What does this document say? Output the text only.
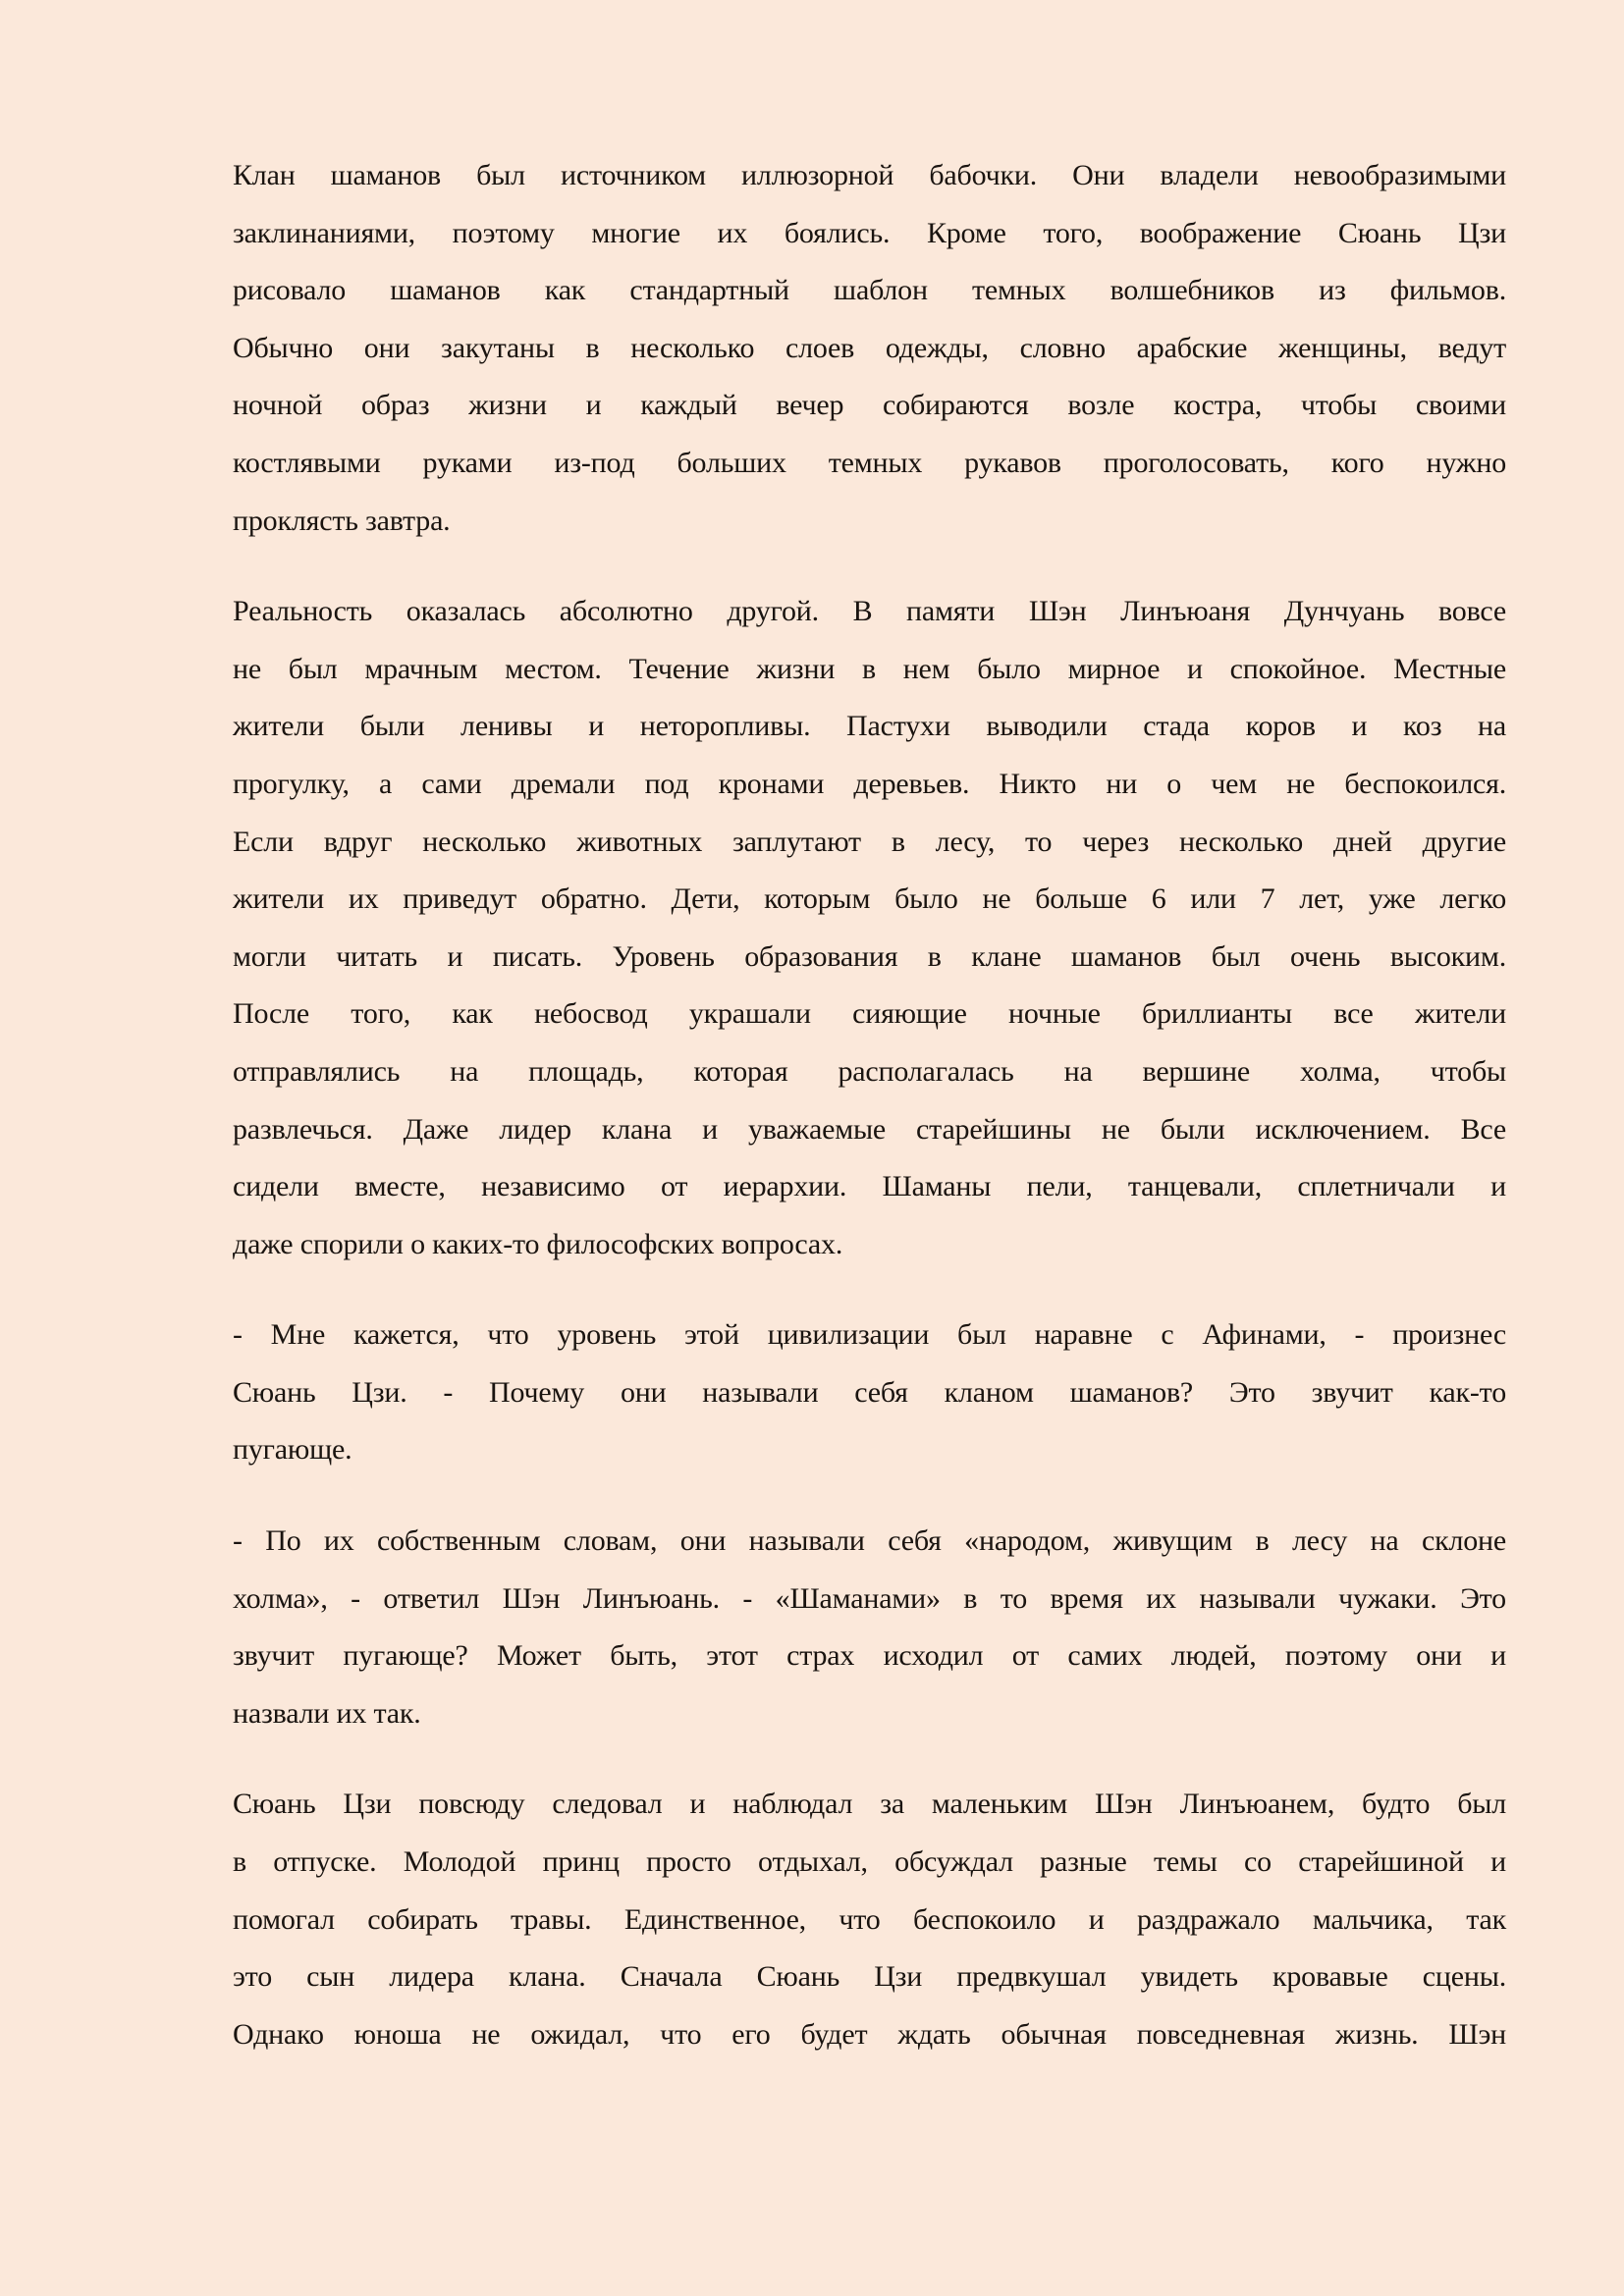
Клан шаманов был источником иллюзорной бабочки. Они владели невообразимыми
заклинаниями, поэтому многие их боялись. Кроме того, воображение Сюань Цзи
рисовало шаманов как стандартный шаблон темных волшебников из фильмов.
Обычно они закутаны в несколько слоев одежды, словно арабские женщины, ведут
ночной образ жизни и каждый вечер собираются возле костра, чтобы своими
костлявыми руками из-под больших темных рукавов проголосовать, кого нужно
проклясть завтра.
Реальность оказалась абсолютно другой. В памяти Шэн Линъюаня Дунчуань вовсе
не был мрачным местом. Течение жизни в нем было мирное и спокойное. Местные
жители были ленивы и неторопливы. Пастухи выводили стада коров и коз на
прогулку, а сами дремали под кронами деревьев. Никто ни о чем не беспокоился.
Если вдруг несколько животных заплутают в лесу, то через несколько дней другие
жители их приведут обратно. Дети, которым было не больше 6 или 7 лет, уже легко
могли читать и писать. Уровень образования в клане шаманов был очень высоким.
После того, как небосвод украшали сияющие ночные бриллианты все жители
отправлялись на площадь, которая располагалась на вершине холма, чтобы
развлечься. Даже лидер клана и уважаемые старейшины не были исключением. Все
сидели вместе, независимо от иерархии. Шаманы пели, танцевали, сплетничали и
даже спорили о каких-то философских вопросах.
- Мне кажется, что уровень этой цивилизации был наравне с Афинами, - произнес
Сюань Цзи. - Почему они называли себя кланом шаманов? Это звучит как-то
пугающе.
- По их собственным словам, они называли себя «народом, живущим в лесу на склоне
холма», - ответил Шэн Линъюань. - «Шаманами» в то время их называли чужаки. Это
звучит пугающе? Может быть, этот страх исходил от самих людей, поэтому они и
назвали их так.
Сюань Цзи повсюду следовал и наблюдал за маленьким Шэн Линъюанем, будто был
в отпуске. Молодой принц просто отдыхал, обсуждал разные темы со старейшиной и
помогал собирать травы. Единственное, что беспокоило и раздражало мальчика, так
это сын лидера клана. Сначала Сюань Цзи предвкушал увидеть кровавые сцены.
Однако юноша не ожидал, что его будет ждать обычная повседневная жизнь. Шэн
